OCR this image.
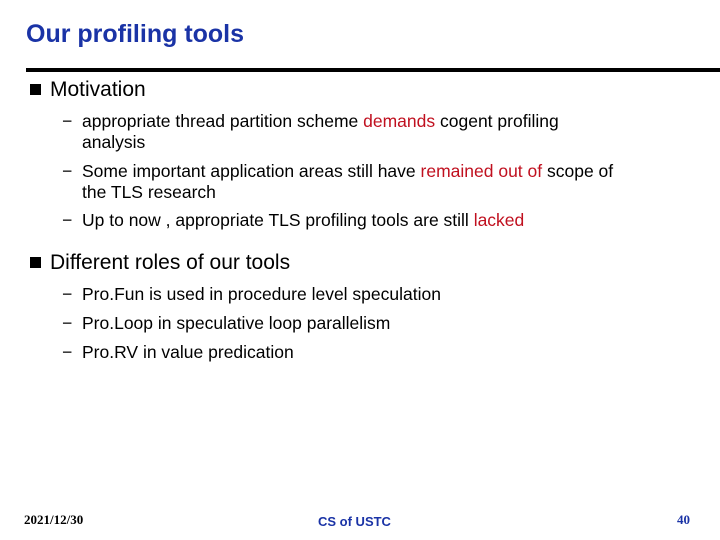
Our profiling tools
Motivation
− appropriate thread partition scheme demands cogent profiling
analysis
− Some important application areas still have remained out of scope of
the TLS research
− Up to now , appropriate TLS profiling tools are still lacked
Different roles of our tools
− Pro.Fun is used in procedure level speculation
− Pro.Loop in speculative loop parallelism
− Pro.RV in value predication
2021/12/30	CS of USTC	40
